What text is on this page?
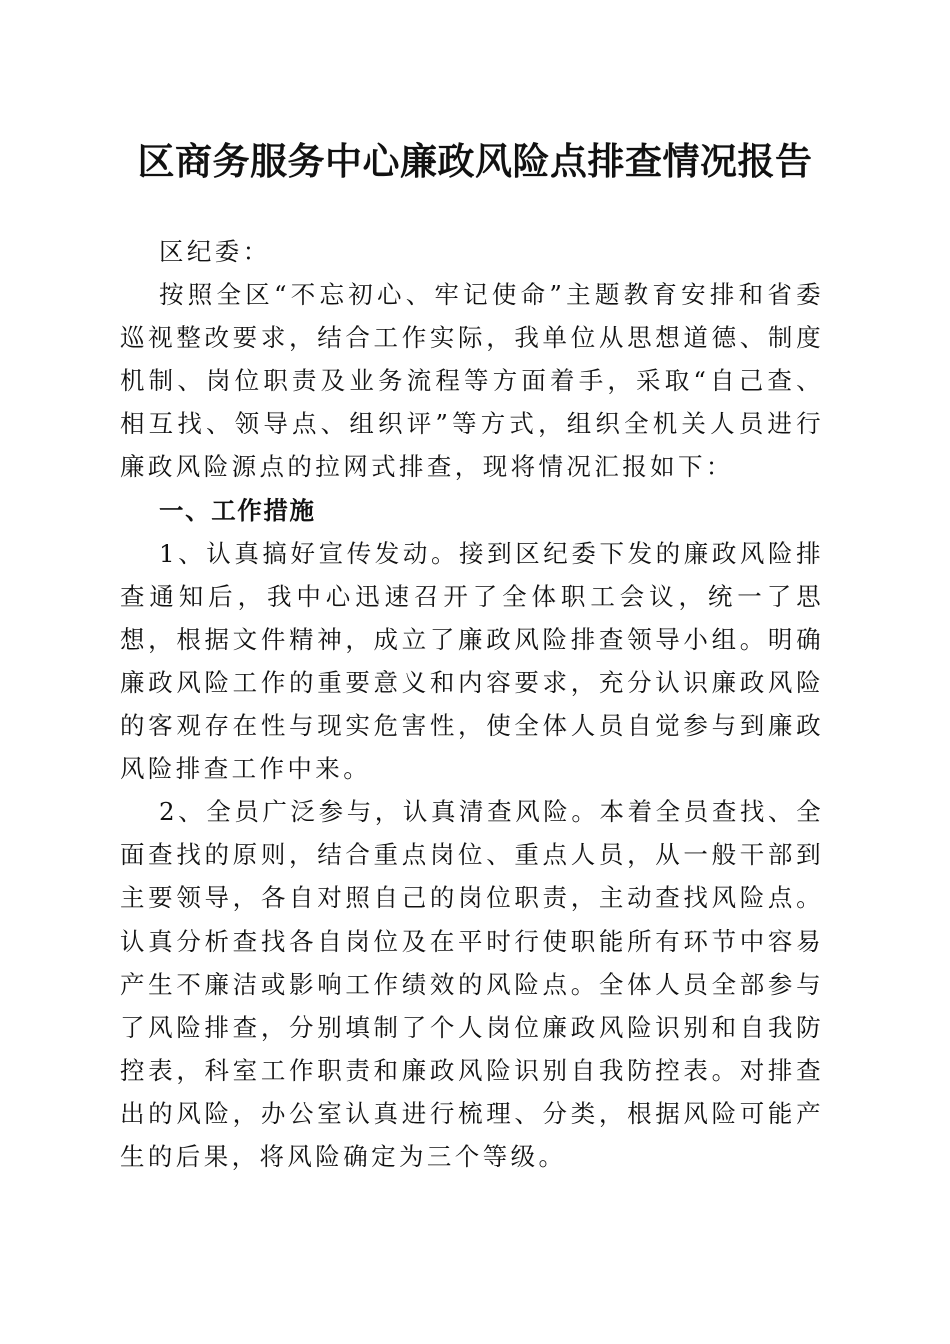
区商务服务中心廉政风险点排查情况报告

区纪委：

按照全区“不忘初心、牢记使命”主题教育安排和省委巡视整改要求，结合工作实际，我单位从思想道德、制度机制、岗位职责及业务流程等方面着手，采取“自己查、相互找、领导点、组织评”等方式，组织全机关人员进行廉政风险源点的拉网式排查，现将情况汇报如下：

一、工作措施

1、认真搞好宣传发动。接到区纪委下发的廉政风险排查通知后，我中心迅速召开了全体职工会议，统一了思想，根据文件精神，成立了廉政风险排查领导小组。明确廉政风险工作的重要意义和内容要求，充分认识廉政风险的客观存在性与现实危害性，使全体人员自觉参与到廉政风险排查工作中来。

2、全员广泛参与，认真清查风险。本着全员查找、全面查找的原则，结合重点岗位、重点人员，从一般干部到主要领导，各自对照自己的岗位职责，主动查找风险点。认真分析查找各自岗位及在平时行使职能所有环节中容易产生不廉洁或影响工作绩效的风险点。全体人员全部参与了风险排查，分别填制了个人岗位廉政风险识别和自我防控表，科室工作职责和廉政风险识别自我防控表。对排查出的风险，办公室认真进行梳理、分类，根据风险可能产生的后果，将风险确定为三个等级。
